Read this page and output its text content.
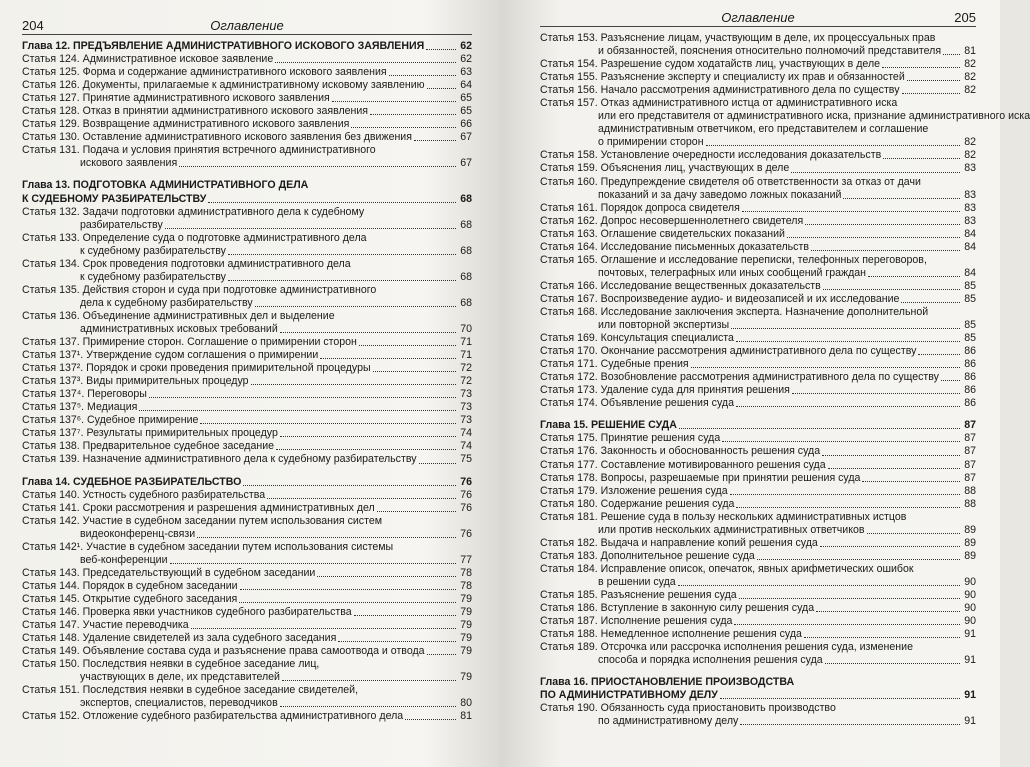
204	Оглавление
Глава 12. ПРЕДЪЯВЛЕНИЕ АДМИНИСТРАТИВНОГО ИСКОВОГО ЗАЯВЛЕНИЯ	62
Статья 124. Административное исковое заявление	62
Статья 125. Форма и содержание административного искового заявления	63
Статья 126. Документы, прилагаемые к административному исковому заявлению	64
Статья 127. Принятие административного искового заявления	65
Статья 128. Отказ в принятии административного искового заявления	65
Статья 129. Возвращение административного искового заявления	66
Статья 130. Оставление административного искового заявления без движения	67
Статья 131. Подача и условия принятия встречного административного
искового заявления	67
Глава 13. ПОДГОТОВКА АДМИНИСТРАТИВНОГО ДЕЛА
К СУДЕБНОМУ РАЗБИРАТЕЛЬСТВУ	68
Статья 132. Задачи подготовки административного дела к судебному
разбирательству	68
Статья 133. Определение суда о подготовке административного дела
к судебному разбирательству	68
Статья 134. Срок проведения подготовки административного дела
к судебному разбирательству	68
Статья 135. Действия сторон и суда при подготовке административного
дела к судебному разбирательству	68
Статья 136. Объединение административных дел и выделение
административных исковых требований	70
Статья 137. Примирение сторон. Соглашение о примирении сторон	71
Статья 137¹. Утверждение судом соглашения о примирении	71
Статья 137². Порядок и сроки проведения примирительной процедуры	72
Статья 137³. Виды примирительных процедур	72
Статья 137⁴. Переговоры	73
Статья 137⁵. Медиация	73
Статья 137⁶. Судебное примирение	73
Статья 137⁷. Результаты примирительных процедур	74
Статья 138. Предварительное судебное заседание	74
Статья 139. Назначение административного дела к судебному разбирательству	75
Глава 14. СУДЕБНОЕ РАЗБИРАТЕЛЬСТВО	76
Статья 140. Устность судебного разбирательства	76
Статья 141. Сроки рассмотрения и разрешения административных дел	76
Статья 142. Участие в судебном заседании путем использования систем
видеоконференц-связи	76
Статья 142¹. Участие в судебном заседании путем использования системы
веб-конференции	77
Статья 143. Председательствующий в судебном заседании	78
Статья 144. Порядок в судебном заседании	78
Статья 145. Открытие судебного заседания	79
Статья 146. Проверка явки участников судебного разбирательства	79
Статья 147. Участие переводчика	79
Статья 148. Удаление свидетелей из зала судебного заседания	79
Статья 149. Объявление состава суда и разъяснение права самоотвода и отвода	79
Статья 150. Последствия неявки в судебное заседание лиц,
участвующих в деле, их представителей	79
Статья 151. Последствия неявки в судебное заседание свидетелей,
экспертов, специалистов, переводчиков	80
Статья 152. Отложение судебного разбирательства административного дела	81
Оглавление	205
Статья 153. Разъяснение лицам, участвующим в деле, их процессуальных прав
и обязанностей, пояснения относительно полномочий представителя 81
Статья 154. Разрешение судом ходатайств лиц, участвующих в деле	82
Статья 155. Разъяснение эксперту и специалисту их прав и обязанностей	82
Статья 156. Начало рассмотрения административного дела по существу	82
Статья 157. Отказ административного истца от административного иска
или его представителя от административного иска, признание административного иска
административным ответчиком, его представителем и соглашение
о примирении сторон	82
Статья 158. Установление очередности исследования доказательств	82
Статья 159. Объяснения лиц, участвующих в деле	83
Статья 160. Предупреждение свидетеля об ответственности за отказ от дачи
показаний и за дачу заведомо ложных показаний	83
Статья 161. Порядок допроса свидетеля	83
Статья 162. Допрос несовершеннолетнего свидетеля	83
Статья 163. Оглашение свидетельских показаний	84
Статья 164. Исследование письменных доказательств	84
Статья 165. Оглашение и исследование переписки, телефонных переговоров,
почтовых, телеграфных или иных сообщений граждан	84
Статья 166. Исследование вещественных доказательств	85
Статья 167. Воспроизведение аудио- и видеозаписей и их исследование	85
Статья 168. Исследование заключения эксперта. Назначение дополнительной
или повторной экспертизы	85
Статья 169. Консультация специалиста	85
Статья 170. Окончание рассмотрения административного дела по существу	86
Статья 171. Судебные прения	86
Статья 172. Возобновление рассмотрения административного дела по существу 86
Статья 173. Удаление суда для принятия решения	86
Статья 174. Объявление решения суда	86
Глава 15. РЕШЕНИЕ СУДА	87
Статья 175. Принятие решения суда	87
Статья 176. Законность и обоснованность решения суда	87
Статья 177. Составление мотивированного решения суда	87
Статья 178. Вопросы, разрешаемые при принятии решения суда	87
Статья 179. Изложение решения суда	88
Статья 180. Содержание решения суда	88
Статья 181. Решение суда в пользу нескольких административных истцов
или против нескольких административных ответчиков	89
Статья 182. Выдача и направление копий решения суда	89
Статья 183. Дополнительное решение суда	89
Статья 184. Исправление описок, опечаток, явных арифметических ошибок
в решении суда	90
Статья 185. Разъяснение решения суда	90
Статья 186. Вступление в законную силу решения суда	90
Статья 187. Исполнение решения суда	90
Статья 188. Немедленное исполнение решения суда	91
Статья 189. Отсрочка или рассрочка исполнения решения суда, изменение
способа и порядка исполнения решения суда	91
Глава 16. ПРИОСТАНОВЛЕНИЕ ПРОИЗВОДСТВА
ПО АДМИНИСТРАТИВНОМУ ДЕЛУ	91
Статья 190. Обязанность суда приостановить производство
по административному делу	91
